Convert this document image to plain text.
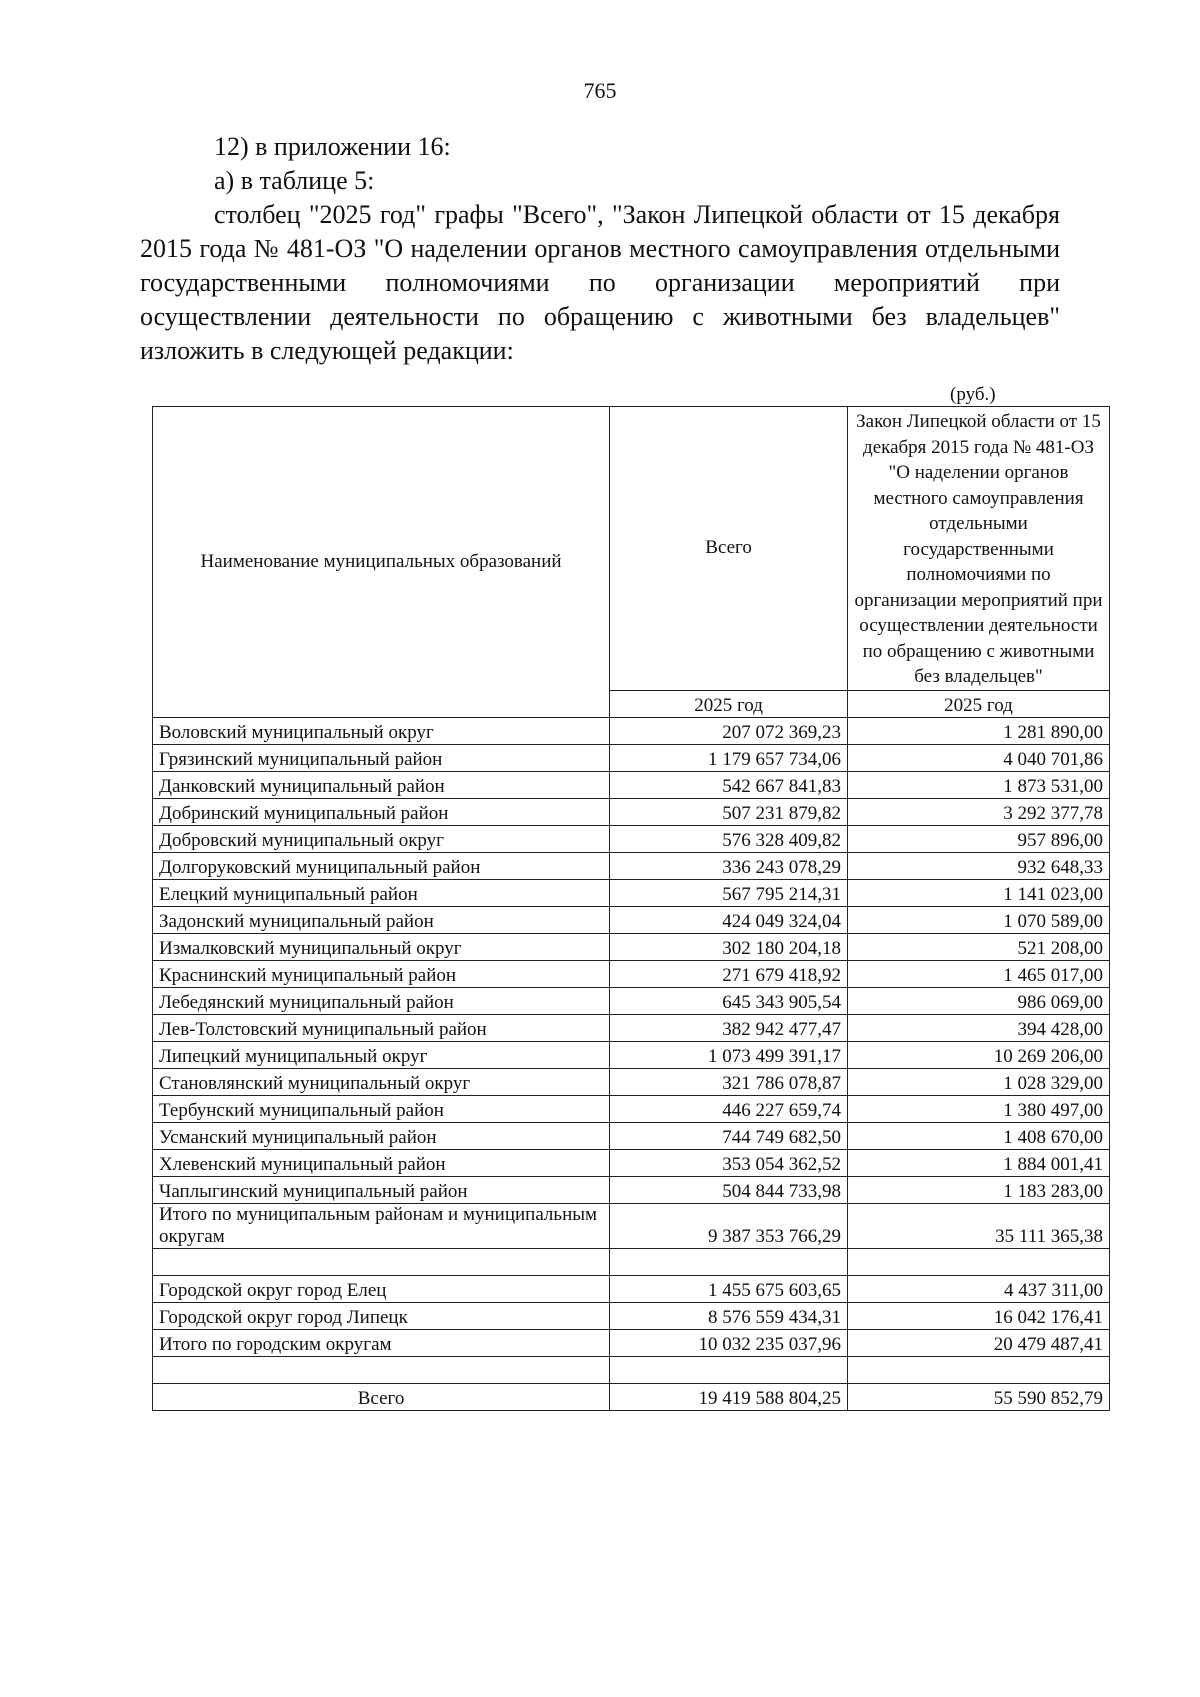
765
12) в приложении 16:
а) в таблице 5:
столбец "2025 год" графы "Всего", "Закон Липецкой области от 15 декабря 2015 года № 481-ОЗ "О наделении органов местного самоуправления отдельными государственными полномочиями по организации мероприятий при осуществлении деятельности по обращению с животными без владельцев" изложить в следующей редакции:
(руб.)
Наименование муниципальных образований	Всего	Закон Липецкой области от 15 декабря 2015 года № 481-ОЗ "О наделении органов местного самоуправления отдельными государственными полномочиями по организации мероприятий при осуществлении деятельности по обращению с животными без владельцев"
	2025 год	2025 год
Воловский муниципальный округ	207 072 369,23	1 281 890,00
Грязинский муниципальный район	1 179 657 734,06	4 040 701,86
Данковский муниципальный район	542 667 841,83	1 873 531,00
Добринский муниципальный район	507 231 879,82	3 292 377,78
Добровский муниципальный округ	576 328 409,82	957 896,00
Долгоруковский муниципальный район	336 243 078,29	932 648,33
Елецкий муниципальный район	567 795 214,31	1 141 023,00
Задонский муниципальный район	424 049 324,04	1 070 589,00
Измалковский муниципальный округ	302 180 204,18	521 208,00
Краснинский муниципальный район	271 679 418,92	1 465 017,00
Лебедянский муниципальный район	645 343 905,54	986 069,00
Лев-Толстовский муниципальный район	382 942 477,47	394 428,00
Липецкий муниципальный округ	1 073 499 391,17	10 269 206,00
Становлянский муниципальный округ	321 786 078,87	1 028 329,00
Тербунский муниципальный район	446 227 659,74	1 380 497,00
Усманский муниципальный район	744 749 682,50	1 408 670,00
Хлевенский муниципальный район	353 054 362,52	1 884 001,41
Чаплыгинский муниципальный район	504 844 733,98	1 183 283,00
Итого по муниципальным районам и муниципальным округам	9 387 353 766,29	35 111 365,38

Городской округ город Елец	1 455 675 603,65	4 437 311,00
Городской округ город Липецк	8 576 559 434,31	16 042 176,41
Итого по городским округам	10 032 235 037,96	20 479 487,41

Всего	19 419 588 804,25	55 590 852,79
